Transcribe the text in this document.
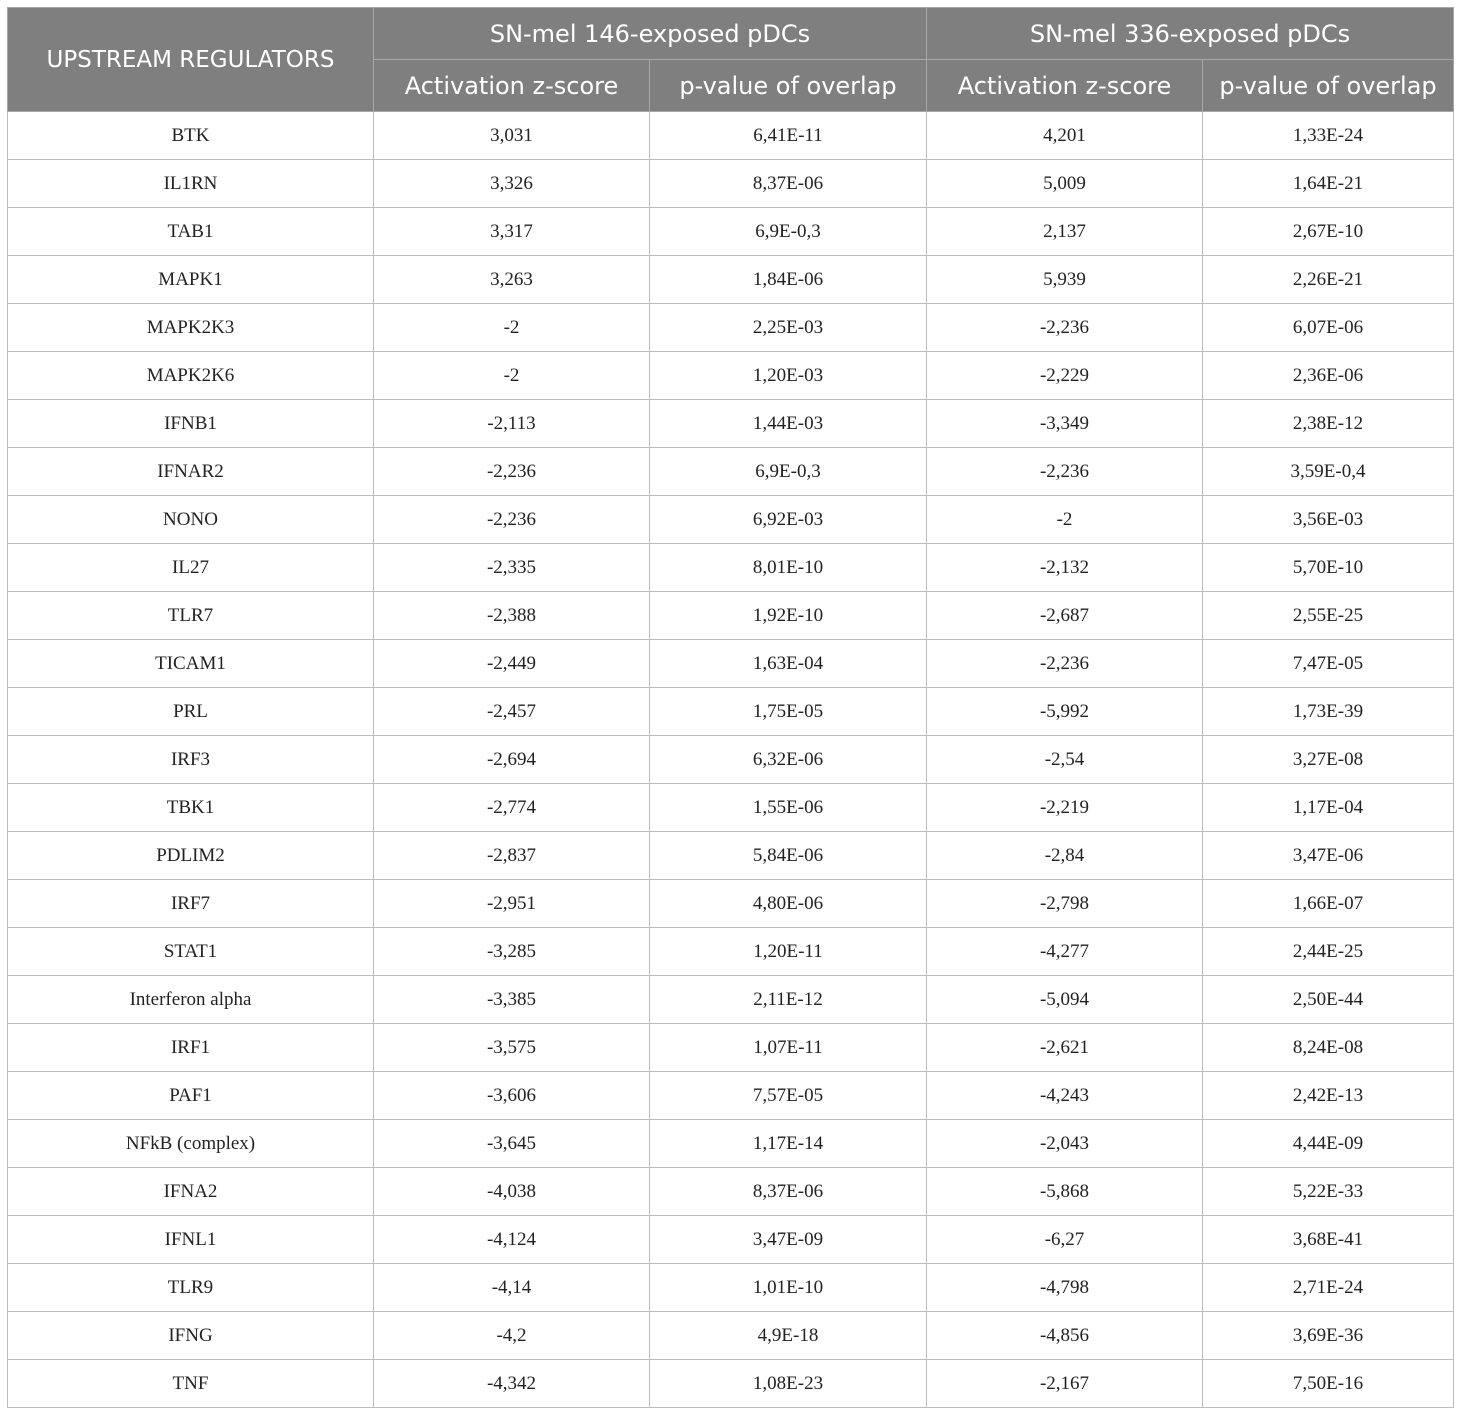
UPSTREAM REGULATORS	SN-mel 146-exposed pDCs		SN-mel 336-exposed pDCs	
	Activation z-score	p-value of overlap	Activation z-score	p-value of overlap
BTK	3,031	6,41E-11	4,201	1,33E-24
IL1RN	3,326	8,37E-06	5,009	1,64E-21
TAB1	3,317	6,9E-0,3	2,137	2,67E-10
MAPK1	3,263	1,84E-06	5,939	2,26E-21
MAPK2K3	-2	2,25E-03	-2,236	6,07E-06
MAPK2K6	-2	1,20E-03	-2,229	2,36E-06
IFNB1	-2,113	1,44E-03	-3,349	2,38E-12
IFNAR2	-2,236	6,9E-0,3	-2,236	3,59E-0,4
NONO	-2,236	6,92E-03	-2	3,56E-03
IL27	-2,335	8,01E-10	-2,132	5,70E-10
TLR7	-2,388	1,92E-10	-2,687	2,55E-25
TICAM1	-2,449	1,63E-04	-2,236	7,47E-05
PRL	-2,457	1,75E-05	-5,992	1,73E-39
IRF3	-2,694	6,32E-06	-2,54	3,27E-08
TBK1	-2,774	1,55E-06	-2,219	1,17E-04
PDLIM2	-2,837	5,84E-06	-2,84	3,47E-06
IRF7	-2,951	4,80E-06	-2,798	1,66E-07
STAT1	-3,285	1,20E-11	-4,277	2,44E-25
Interferon alpha	-3,385	2,11E-12	-5,094	2,50E-44
IRF1	-3,575	1,07E-11	-2,621	8,24E-08
PAF1	-3,606	7,57E-05	-4,243	2,42E-13
NFkB (complex)	-3,645	1,17E-14	-2,043	4,44E-09
IFNA2	-4,038	8,37E-06	-5,868	5,22E-33
IFNL1	-4,124	3,47E-09	-6,27	3,68E-41
TLR9	-4,14	1,01E-10	-4,798	2,71E-24
IFNG	-4,2	4,9E-18	-4,856	3,69E-36
TNF	-4,342	1,08E-23	-2,167	7,50E-16
